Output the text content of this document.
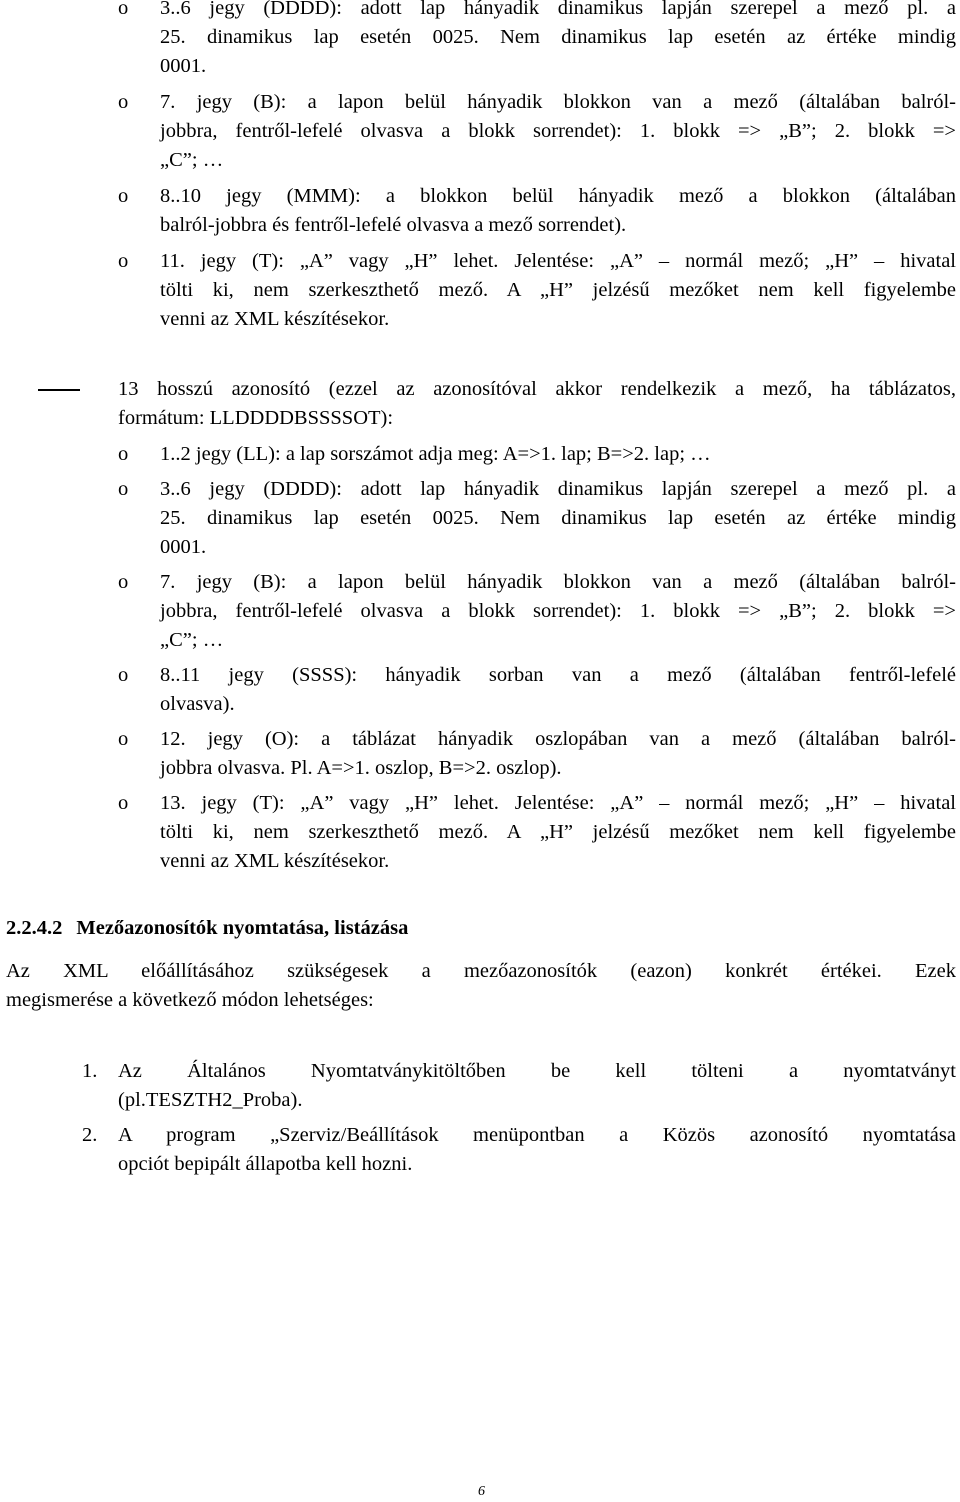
o 3..6 jegy (DDDD): adott lap hányadik dinamikus lapján szerepel a mező pl. a
25. dinamikus lap esetén 0025. Nem dinamikus lap esetén az értéke mindig
0001.
o 7. jegy (B): a lapon belül hányadik blokkon van a mező (általában balról-
jobbra, fentről-lefelé olvasva a blokk sorrendet): 1. blokk => „B”; 2. blokk =>
„C”; …
o 8..10 jegy (MMM): a blokkon belül hányadik mező a blokkon (általában
balról-jobbra és fentről-lefelé olvasva a mező sorrendet).
o 11. jegy (T): „A” vagy „H” lehet. Jelentése: „A” – normál mező; „H” – hivatal
tölti ki, nem szerkeszthető mező. A „H” jelzésű mezőket nem kell figyelembe
venni az XML készítésekor.
13 hosszú azonosító (ezzel az azonosítóval akkor rendelkezik a mező, ha táblázatos,
formátum: LLDDDDBSSSSOT):
o 1..2 jegy (LL): a lap sorszámot adja meg: A=>1. lap; B=>2. lap; …
o 3..6 jegy (DDDD): adott lap hányadik dinamikus lapján szerepel a mező pl. a
25. dinamikus lap esetén 0025. Nem dinamikus lap esetén az értéke mindig
0001.
o 7. jegy (B): a lapon belül hányadik blokkon van a mező (általában balról-
jobbra, fentről-lefelé olvasva a blokk sorrendet): 1. blokk => „B”; 2. blokk =>
„C”; …
o 8..11 jegy (SSSS): hányadik sorban van a mező (általában fentről-lefelé
olvasva).
o 12. jegy (O): a táblázat hányadik oszlopában van a mező (általában balról-
jobbra olvasva. Pl. A=>1. oszlop, B=>2. oszlop).
o 13. jegy (T): „A” vagy „H” lehet. Jelentése: „A” – normál mező; „H” – hivatal
tölti ki, nem szerkeszthető mező. A „H” jelzésű mezőket nem kell figyelembe
venni az XML készítésekor.
2.2.4.2 Mezőazonosítók nyomtatása, listázása
Az XML előállításához szükségesek a mezőazonosítók (eazon) konkrét értékei. Ezek
megismerése a következő módon lehetséges:
1. Az Általános Nyomtatványkitöltőben be kell tölteni a nyomtatványt
(pl.TESZTH2_Proba).
2. A program „Szerviz/Beállítások menüpontban a Közös azonosító nyomtatása
opciót bepipált állapotba kell hozni.
6
